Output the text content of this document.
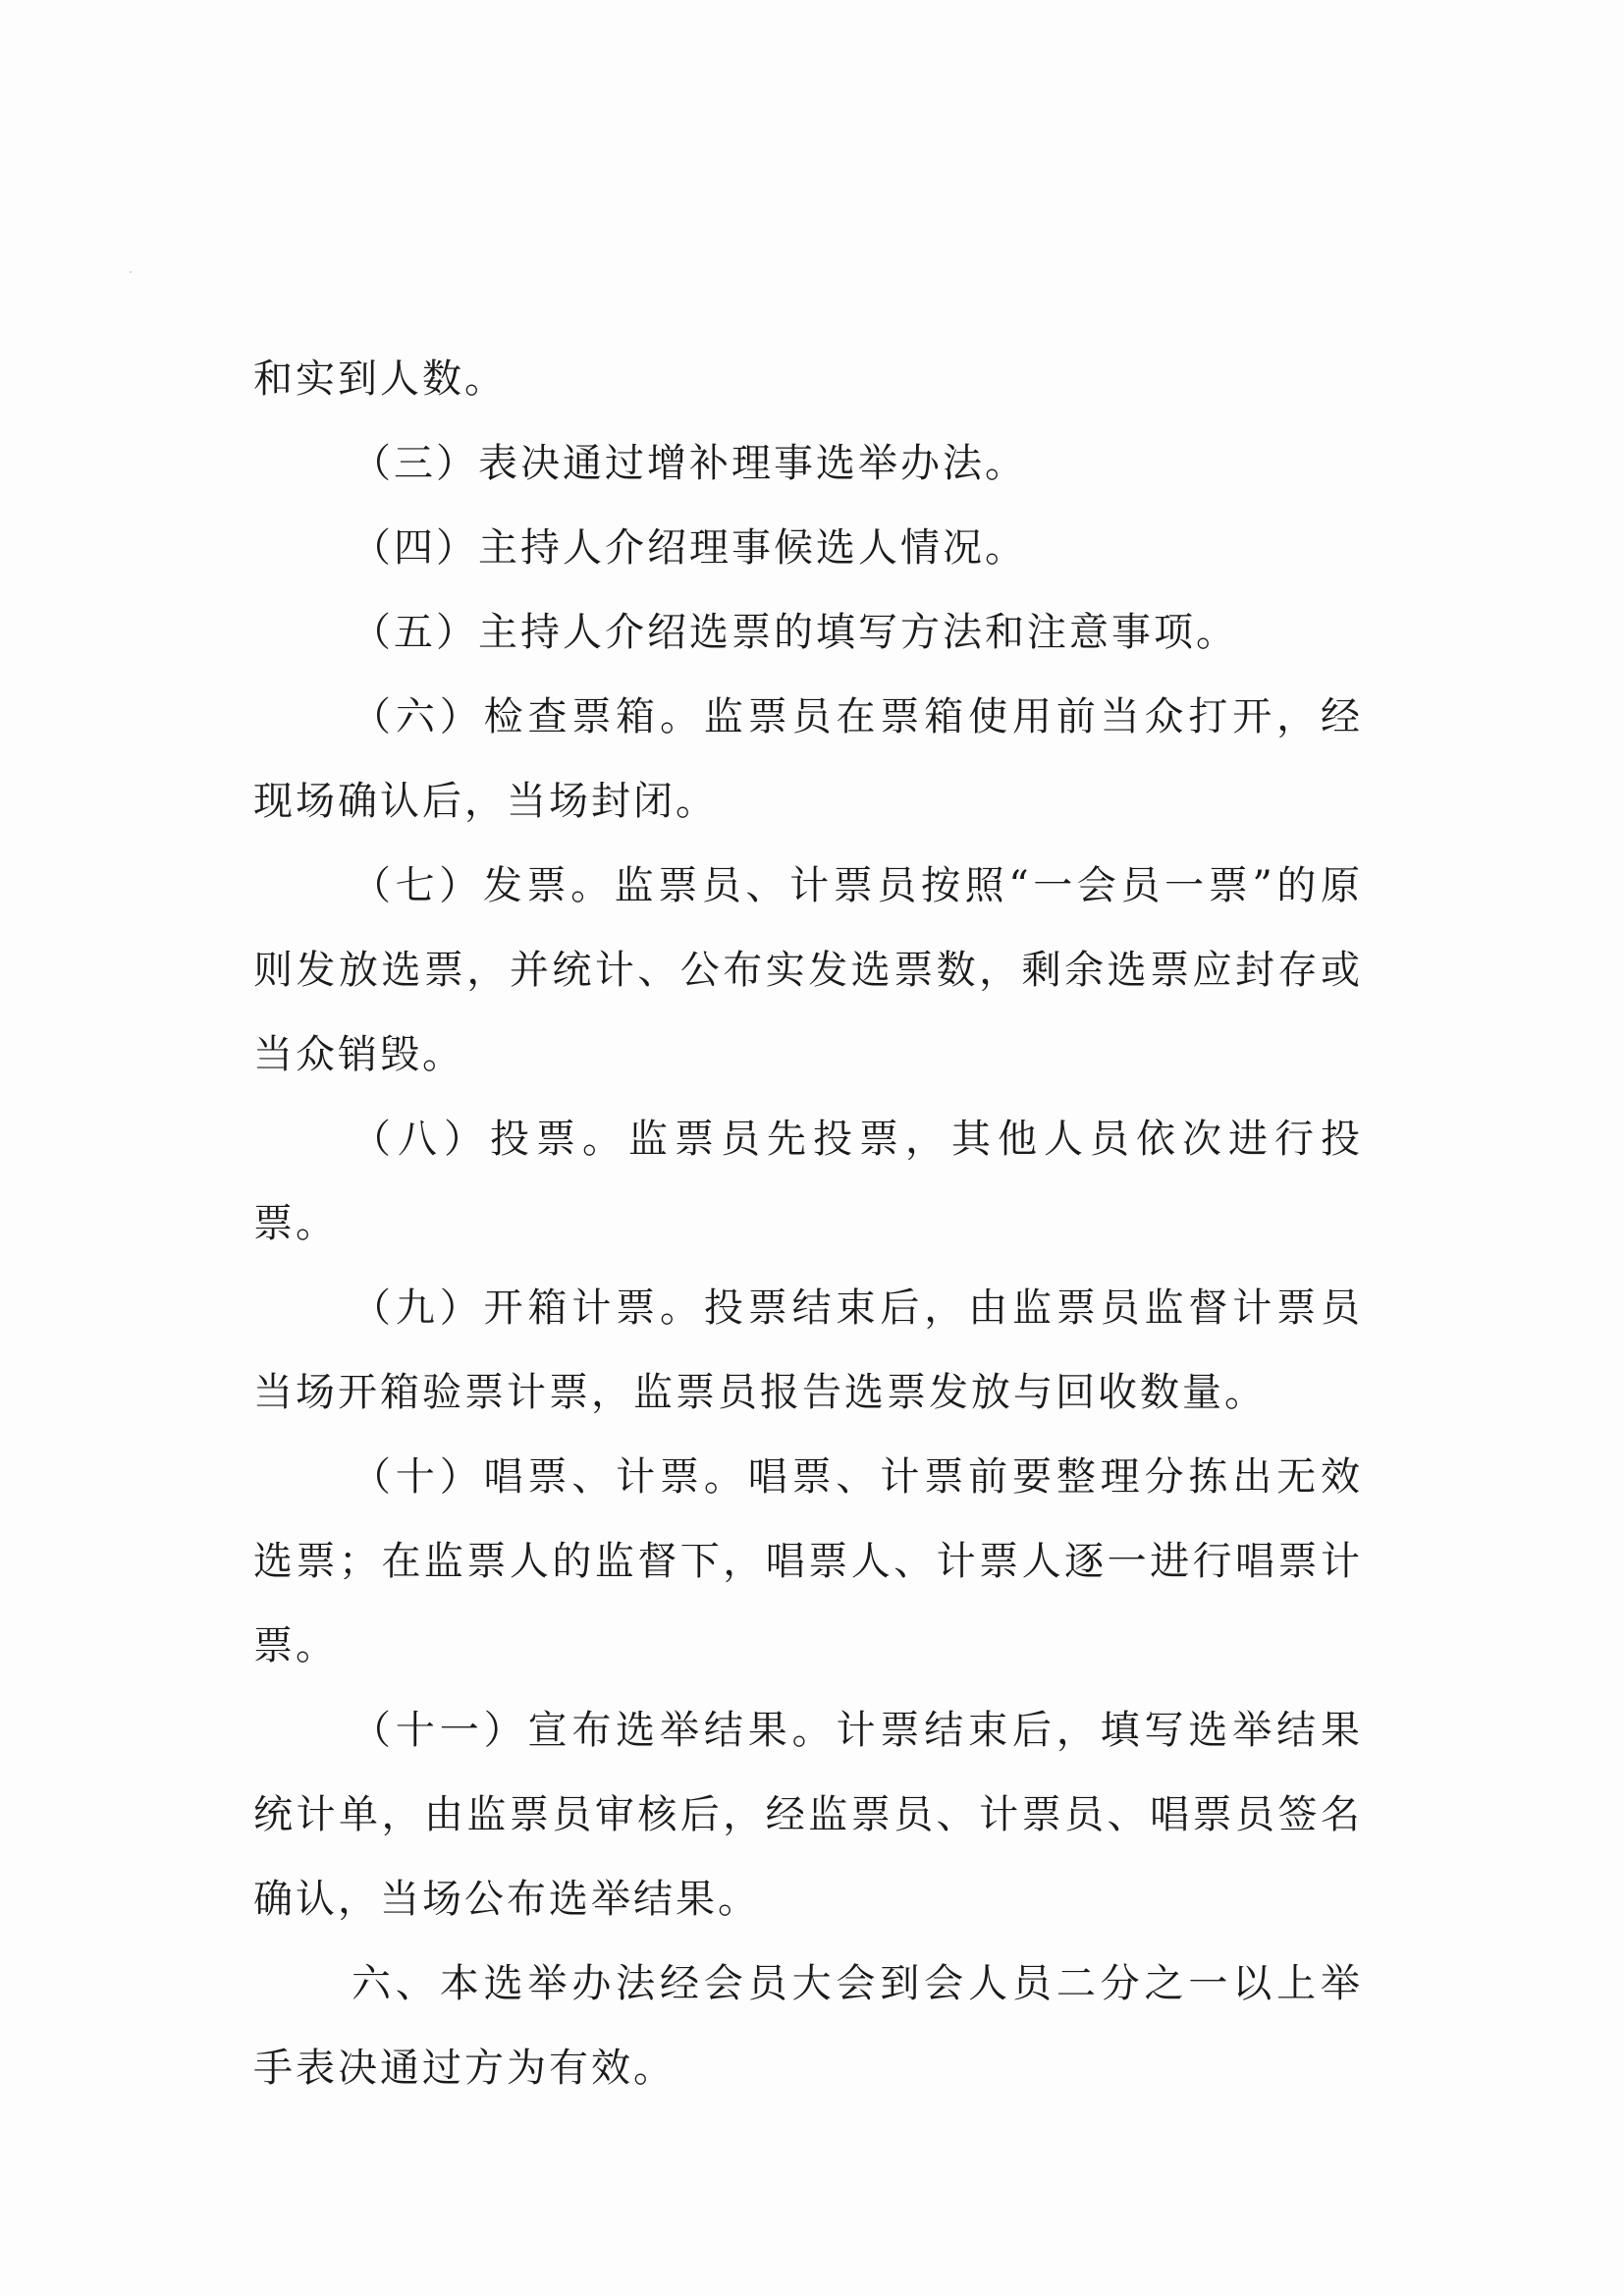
和实到人数。

（三）表决通过增补理事选举办法。

（四）主持人介绍理事候选人情况。

（五）主持人介绍选票的填写方法和注意事项。

（六）检查票箱。监票员在票箱使用前当众打开，经现场确认后，当场封闭。

（七）发票。监票员、计票员按照“一会员一票”的原则发放选票，并统计、公布实发选票数，剩余选票应封存或当众销毁。

（八）投票。监票员先投票，其他人员依次进行投票。

（九）开箱计票。投票结束后，由监票员监督计票员当场开箱验票计票，监票员报告选票发放与回收数量。

（十）唱票、计票。唱票、计票前要整理分拣出无效选票；在监票人的监督下，唱票人、计票人逐一进行唱票计票。

（十一）宣布选举结果。计票结束后，填写选举结果统计单，由监票员审核后，经监票员、计票员、唱票员签名确认，当场公布选举结果。

六、本选举办法经会员大会到会人员二分之一以上举手表决通过方为有效。
